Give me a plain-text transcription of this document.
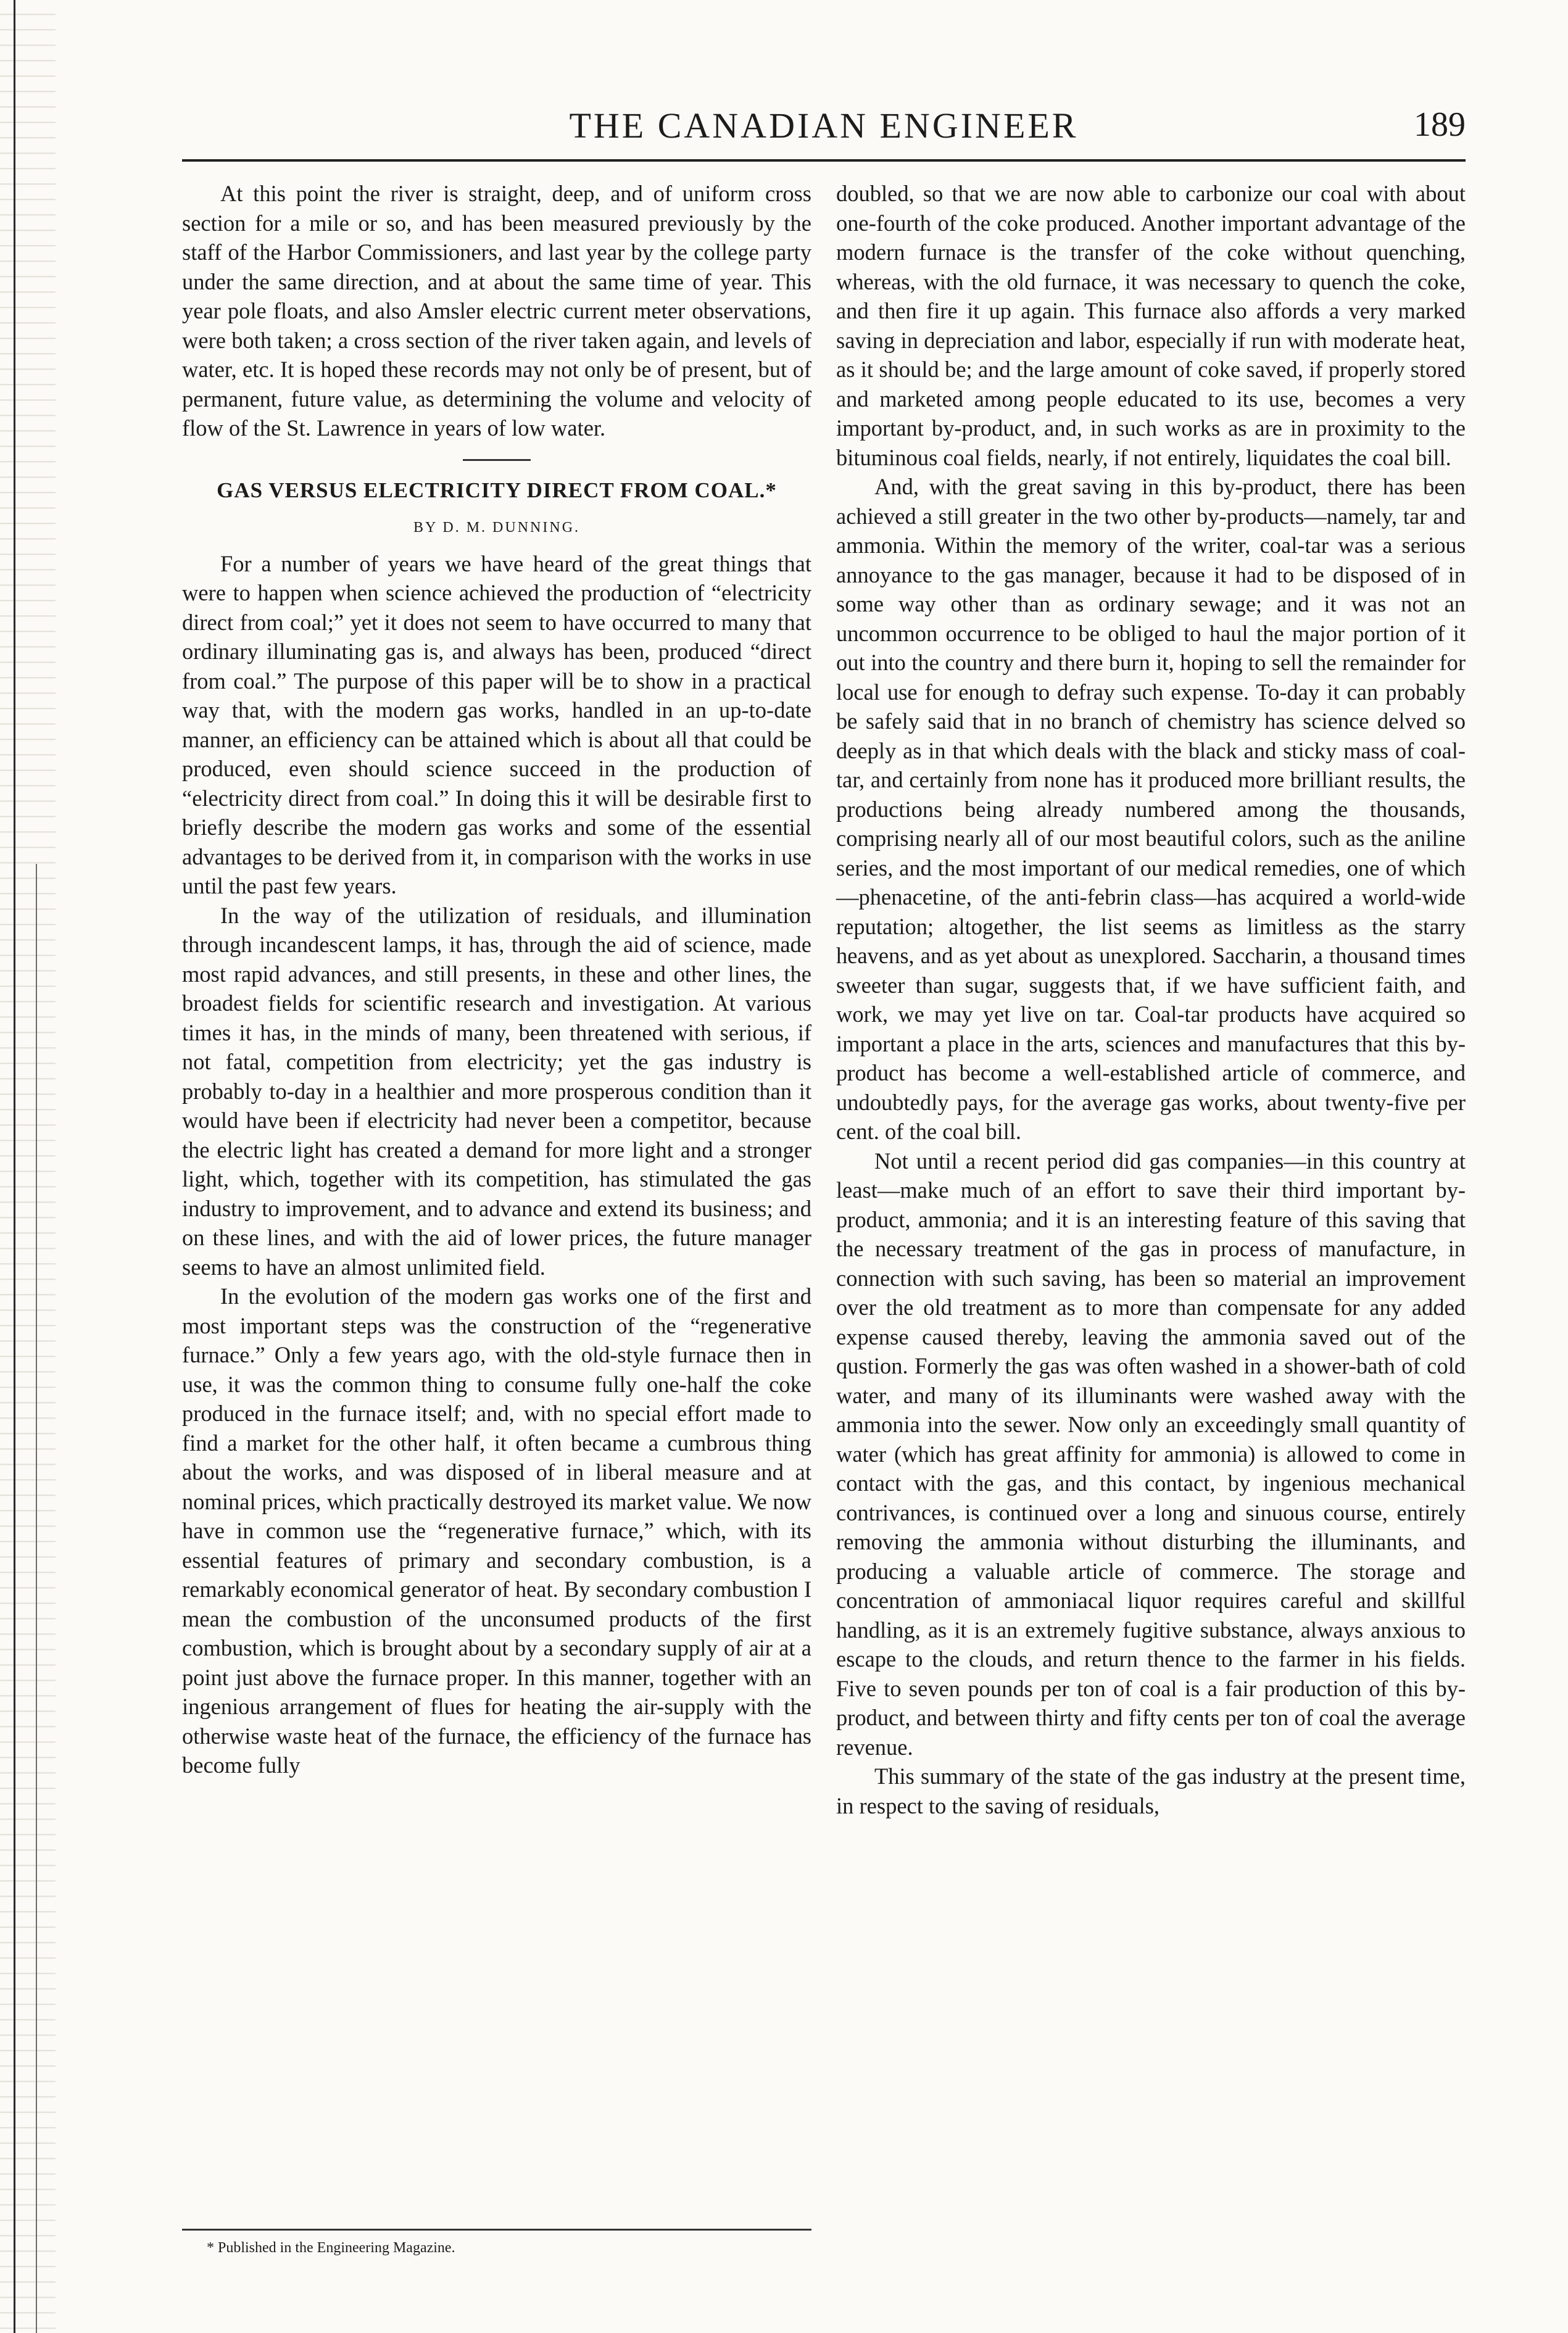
THE CANADIAN ENGINEER	189

At this point the river is straight, deep, and of uniform cross section for a mile or so, and has been measured previously by the staff of the Harbor Commissioners, and last year by the college party under the same direction, and at about the same time of year. This year pole floats, and also Amsler electric current meter observations, were both taken; a cross section of the river taken again, and levels of water, etc. It is hoped these records may not only be of present, but of permanent, future value, as determining the volume and velocity of flow of the St. Lawrence in years of low water.

GAS VERSUS ELECTRICITY DIRECT FROM COAL.*
BY D. M. DUNNING.

For a number of years we have heard of the great things that were to happen when science achieved the production of “electricity direct from coal;” yet it does not seem to have occurred to many that ordinary illuminating gas is, and always has been, produced “direct from coal.” The purpose of this paper will be to show in a practical way that, with the modern gas works, handled in an up-to-date manner, an efficiency can be attained which is about all that could be produced, even should science succeed in the production of “electricity direct from coal.” In doing this it will be desirable first to briefly describe the modern gas works and some of the essential advantages to be derived from it, in comparison with the works in use until the past few years.

In the way of the utilization of residuals, and illumination through incandescent lamps, it has, through the aid of science, made most rapid advances, and still presents, in these and other lines, the broadest fields for scientific research and investigation. At various times it has, in the minds of many, been threatened with serious, if not fatal, competition from electricity; yet the gas industry is probably to-day in a healthier and more prosperous condition than it would have been if electricity had never been a competitor, because the electric light has created a demand for more light and a stronger light, which, together with its competition, has stimulated the gas industry to improvement, and to advance and extend its business; and on these lines, and with the aid of lower prices, the future manager seems to have an almost unlimited field.

In the evolution of the modern gas works one of the first and most important steps was the construction of the “regenerative furnace.” Only a few years ago, with the old-style furnace then in use, it was the common thing to consume fully one-half the coke produced in the furnace itself; and, with no special effort made to find a market for the other half, it often became a cumbrous thing about the works, and was disposed of in liberal measure and at nominal prices, which practically destroyed its market value. We now have in common use the “regenerative furnace,” which, with its essential features of primary and secondary combustion, is a remarkably economical generator of heat. By secondary combustion I mean the combustion of the unconsumed products of the first combustion, which is brought about by a secondary supply of air at a point just above the furnace proper. In this manner, together with an ingenious arrangement of flues for heating the air-supply with the otherwise waste heat of the furnace, the efficiency of the furnace has become fully

doubled, so that we are now able to carbonize our coal with about one-fourth of the coke produced. Another important advantage of the modern furnace is the transfer of the coke without quenching, whereas, with the old furnace, it was necessary to quench the coke, and then fire it up again. This furnace also affords a very marked saving in depreciation and labor, especially if run with moderate heat, as it should be; and the large amount of coke saved, if properly stored and marketed among people educated to its use, becomes a very important by-product, and, in such works as are in proximity to the bituminous coal fields, nearly, if not entirely, liquidates the coal bill.

And, with the great saving in this by-product, there has been achieved a still greater in the two other by-products—namely, tar and ammonia. Within the memory of the writer, coal-tar was a serious annoyance to the gas manager, because it had to be disposed of in some way other than as ordinary sewage; and it was not an uncommon occurrence to be obliged to haul the major portion of it out into the country and there burn it, hoping to sell the remainder for local use for enough to defray such expense. To-day it can probably be safely said that in no branch of chemistry has science delved so deeply as in that which deals with the black and sticky mass of coal-tar, and certainly from none has it produced more brilliant results, the productions being already numbered among the thousands, comprising nearly all of our most beautiful colors, such as the aniline series, and the most important of our medical remedies, one of which—phenacetine, of the anti-febrin class—has acquired a world-wide reputation; altogether, the list seems as limitless as the starry heavens, and as yet about as unexplored. Saccharin, a thousand times sweeter than sugar, suggests that, if we have sufficient faith, and work, we may yet live on tar. Coal-tar products have acquired so important a place in the arts, sciences and manufactures that this by-product has become a well-established article of commerce, and undoubtedly pays, for the average gas works, about twenty-five per cent. of the coal bill.

Not until a recent period did gas companies—in this country at least—make much of an effort to save their third important by-product, ammonia; and it is an interesting feature of this saving that the necessary treatment of the gas in process of manufacture, in connection with such saving, has been so material an improvement over the old treatment as to more than compensate for any added expense caused thereby, leaving the ammonia saved out of the qustion. Formerly the gas was often washed in a shower-bath of cold water, and many of its illuminants were washed away with the ammonia into the sewer. Now only an exceedingly small quantity of water (which has great affinity for ammonia) is allowed to come in contact with the gas, and this contact, by ingenious mechanical contrivances, is continued over a long and sinuous course, entirely removing the ammonia without disturbing the illuminants, and producing a valuable article of commerce. The storage and concentration of ammoniacal liquor requires careful and skillful handling, as it is an extremely fugitive substance, always anxious to escape to the clouds, and return thence to the farmer in his fields. Five to seven pounds per ton of coal is a fair production of this by-product, and between thirty and fifty cents per ton of coal the average revenue.

This summary of the state of the gas industry at the present time, in respect to the saving of residuals,

* Published in the Engineering Magazine.
